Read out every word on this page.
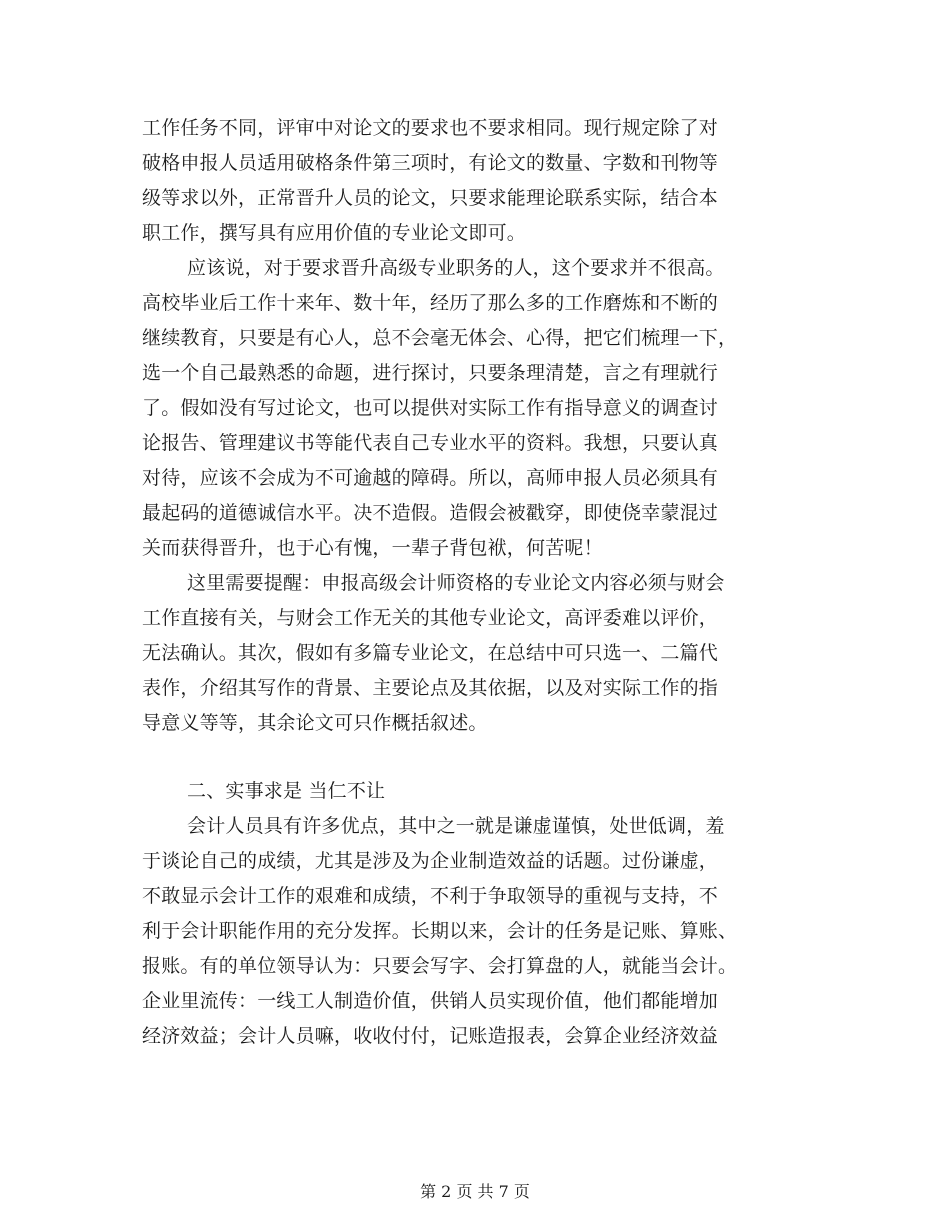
工作任务不同，评审中对论文的要求也不要求相同。现行规定除了对
破格申报人员适用破格条件第三项时，有论文的数量、字数和刊物等
级等求以外，正常晋升人员的论文，只要求能理论联系实际，结合本
职工作，撰写具有应用价值的专业论文即可。
应该说，对于要求晋升高级专业职务的人，这个要求并不很高。
高校毕业后工作十来年、数十年，经历了那么多的工作磨炼和不断的
继续教育，只要是有心人，总不会毫无体会、心得，把它们梳理一下，
选一个自己最熟悉的命题，进行探讨，只要条理清楚，言之有理就行
了。假如没有写过论文，也可以提供对实际工作有指导意义的调查讨
论报告、管理建议书等能代表自己专业水平的资料。我想，只要认真
对待，应该不会成为不可逾越的障碍。所以，高师申报人员必须具有
最起码的道德诚信水平。决不造假。造假会被戳穿，即使侥幸蒙混过
关而获得晋升，也于心有愧，一辈子背包袱，何苦呢！
这里需要提醒：申报高级会计师资格的专业论文内容必须与财会
工作直接有关，与财会工作无关的其他专业论文，高评委难以评价，
无法确认。其次，假如有多篇专业论文，在总结中可只选一、二篇代
表作，介绍其写作的背景、主要论点及其依据，以及对实际工作的指
导意义等等，其余论文可只作概括叙述。
二、实事求是 当仁不让
会计人员具有许多优点，其中之一就是谦虚谨慎，处世低调，羞
于谈论自己的成绩，尤其是涉及为企业制造效益的话题。过份谦虚，
不敢显示会计工作的艰难和成绩，不利于争取领导的重视与支持，不
利于会计职能作用的充分发挥。长期以来，会计的任务是记账、算账、
报账。有的单位领导认为：只要会写字、会打算盘的人，就能当会计。
企业里流传：一线工人制造价值，供销人员实现价值，他们都能增加
经济效益；会计人员嘛，收收付付，记账造报表，会算企业经济效益
第 2 页 共 7 页
